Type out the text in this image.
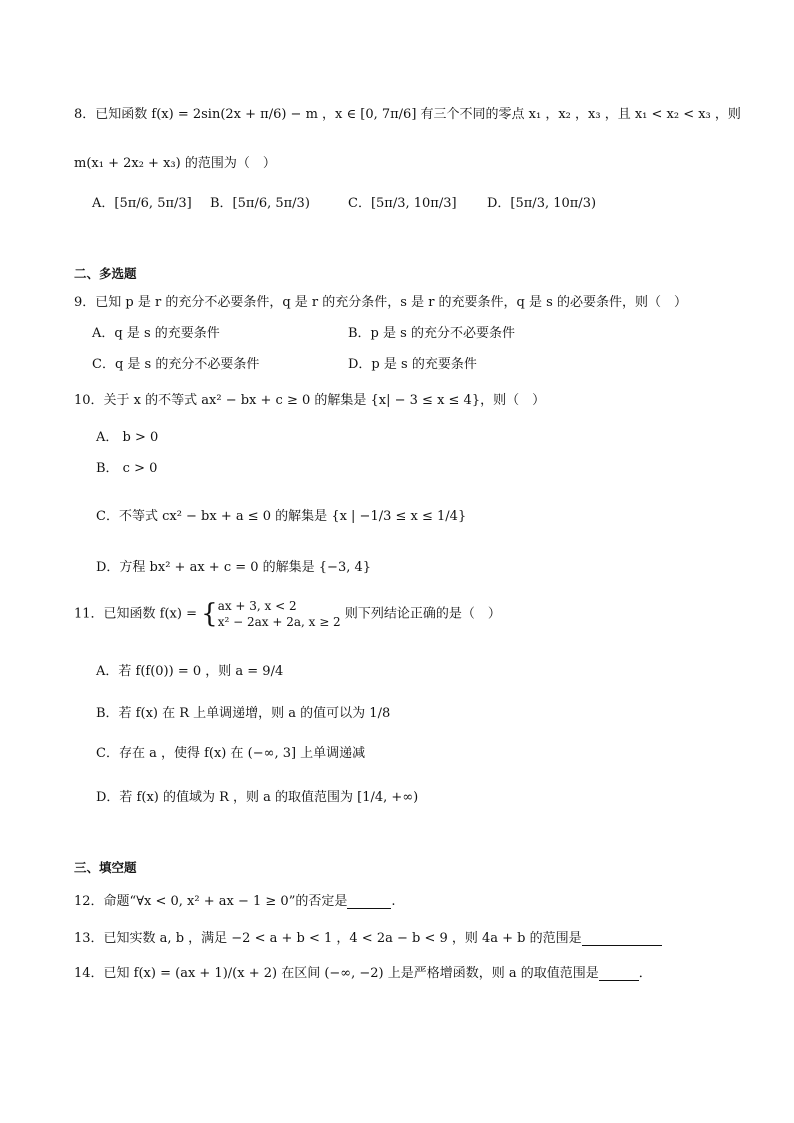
8．已知函数 f(x) = 2sin(2x + π/6) − m ，x ∈ [0, 7π/6] 有三个不同的零点 x₁ ，x₂ ，x₃ ，且 x₁ < x₂ < x₃ ，则
m(x₁ + 2x₂ + x₃) 的范围为（　）
A．[5π/6, 5π/3] B．[5π/6, 5π/3)	C．[5π/3, 10π/3] D．[5π/3, 10π/3)
二、多选题
9．已知 p 是 r 的充分不必要条件，q 是 r 的充分条件，s 是 r 的充要条件，q 是 s 的必要条件，则（　）
A．q 是 s 的充要条件	B．p 是 s 的充分不必要条件
C．q 是 s 的充分不必要条件	D．p 是 s 的充要条件
10．关于 x 的不等式 ax² − bx + c ≥ 0 的解集是 {x| − 3 ≤ x ≤ 4}，则（　）
A． b > 0
B． c > 0
C．不等式 cx² − bx + a ≤ 0 的解集是 {x | −1/3 ≤ x ≤ 1/4}
D．方程 bx² + ax + c = 0 的解集是 {−3, 4}
11．已知函数 f(x) = { ax + 3, x < 2
x² − 2ax + 2a, x ≥ 2
则下列结论正确的是（　）
A．若 f(f(0)) = 0 ，则 a = 9/4
B．若 f(x) 在 R 上单调递增，则 a 的值可以为 1/8
C．存在 a ，使得 f(x) 在 (−∞, 3] 上单调递减
D．若 f(x) 的值域为 R ，则 a 的取值范围为 [1/4, +∞)
三、填空题
12．命题“∀x < 0, x² + ax − 1 ≥ 0”的否定是	.
13．已知实数 a, b ，满足 −2 < a + b < 1 ，4 < 2a − b < 9 ，则 4a + b 的范围是
14．已知 f(x) = (ax + 1)/(x + 2) 在区间 (−∞, −2) 上是严格增函数，则 a 的取值范围是	．
